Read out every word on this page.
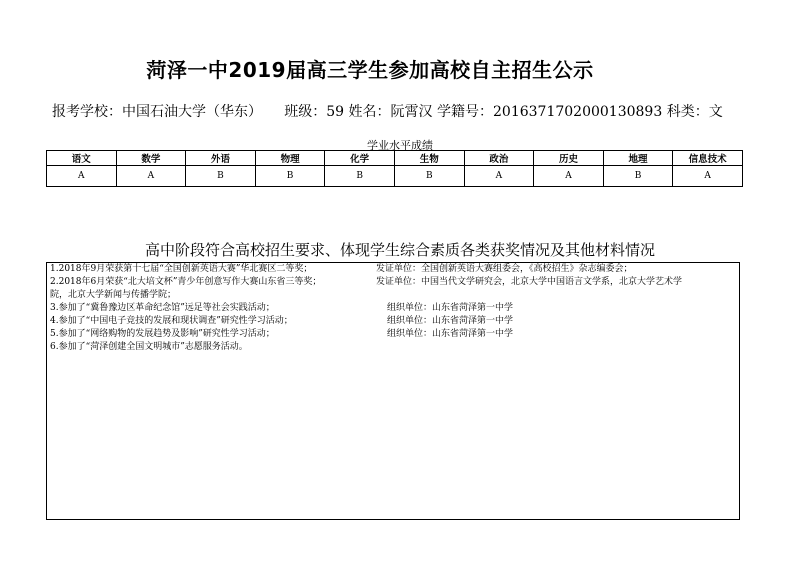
菏泽一中2019届高三学生参加高校自主招生公示
报考学校：中国石油大学（华东） 班级：59 姓名：阮霄汉 学籍号：2016371702000130893 科类：文
学业水平成绩
语文	数学	外语	物理	化学	生物	政治	历史	地理	信息技术
A	A	B	B	B	B	A	A	B	A
高中阶段符合高校招生要求、体现学生综合素质各类获奖情况及其他材料情况
1.2018年9月荣获第十七届“全国创新英语大赛”华北赛区二等奖；	发证单位：全国创新英语大赛组委会，《高校招生》杂志编委会；
2.2018年6月荣获“北大培文杯”青少年创意写作大赛山东省三等奖；	发证单位：中国当代文学研究会，北京大学中国语言文学系，北京大学艺术学
院，北京大学新闻与传播学院；
3.参加了“冀鲁豫边区革命纪念馆”远足等社会实践活动；	组织单位：山东省菏泽第一中学
4.参加了“中国电子竞技的发展和现状调查”研究性学习活动；	组织单位：山东省菏泽第一中学
5.参加了“网络购物的发展趋势及影响”研究性学习活动；	组织单位：山东省菏泽第一中学
6.参加了“菏泽创建全国文明城市”志愿服务活动。
